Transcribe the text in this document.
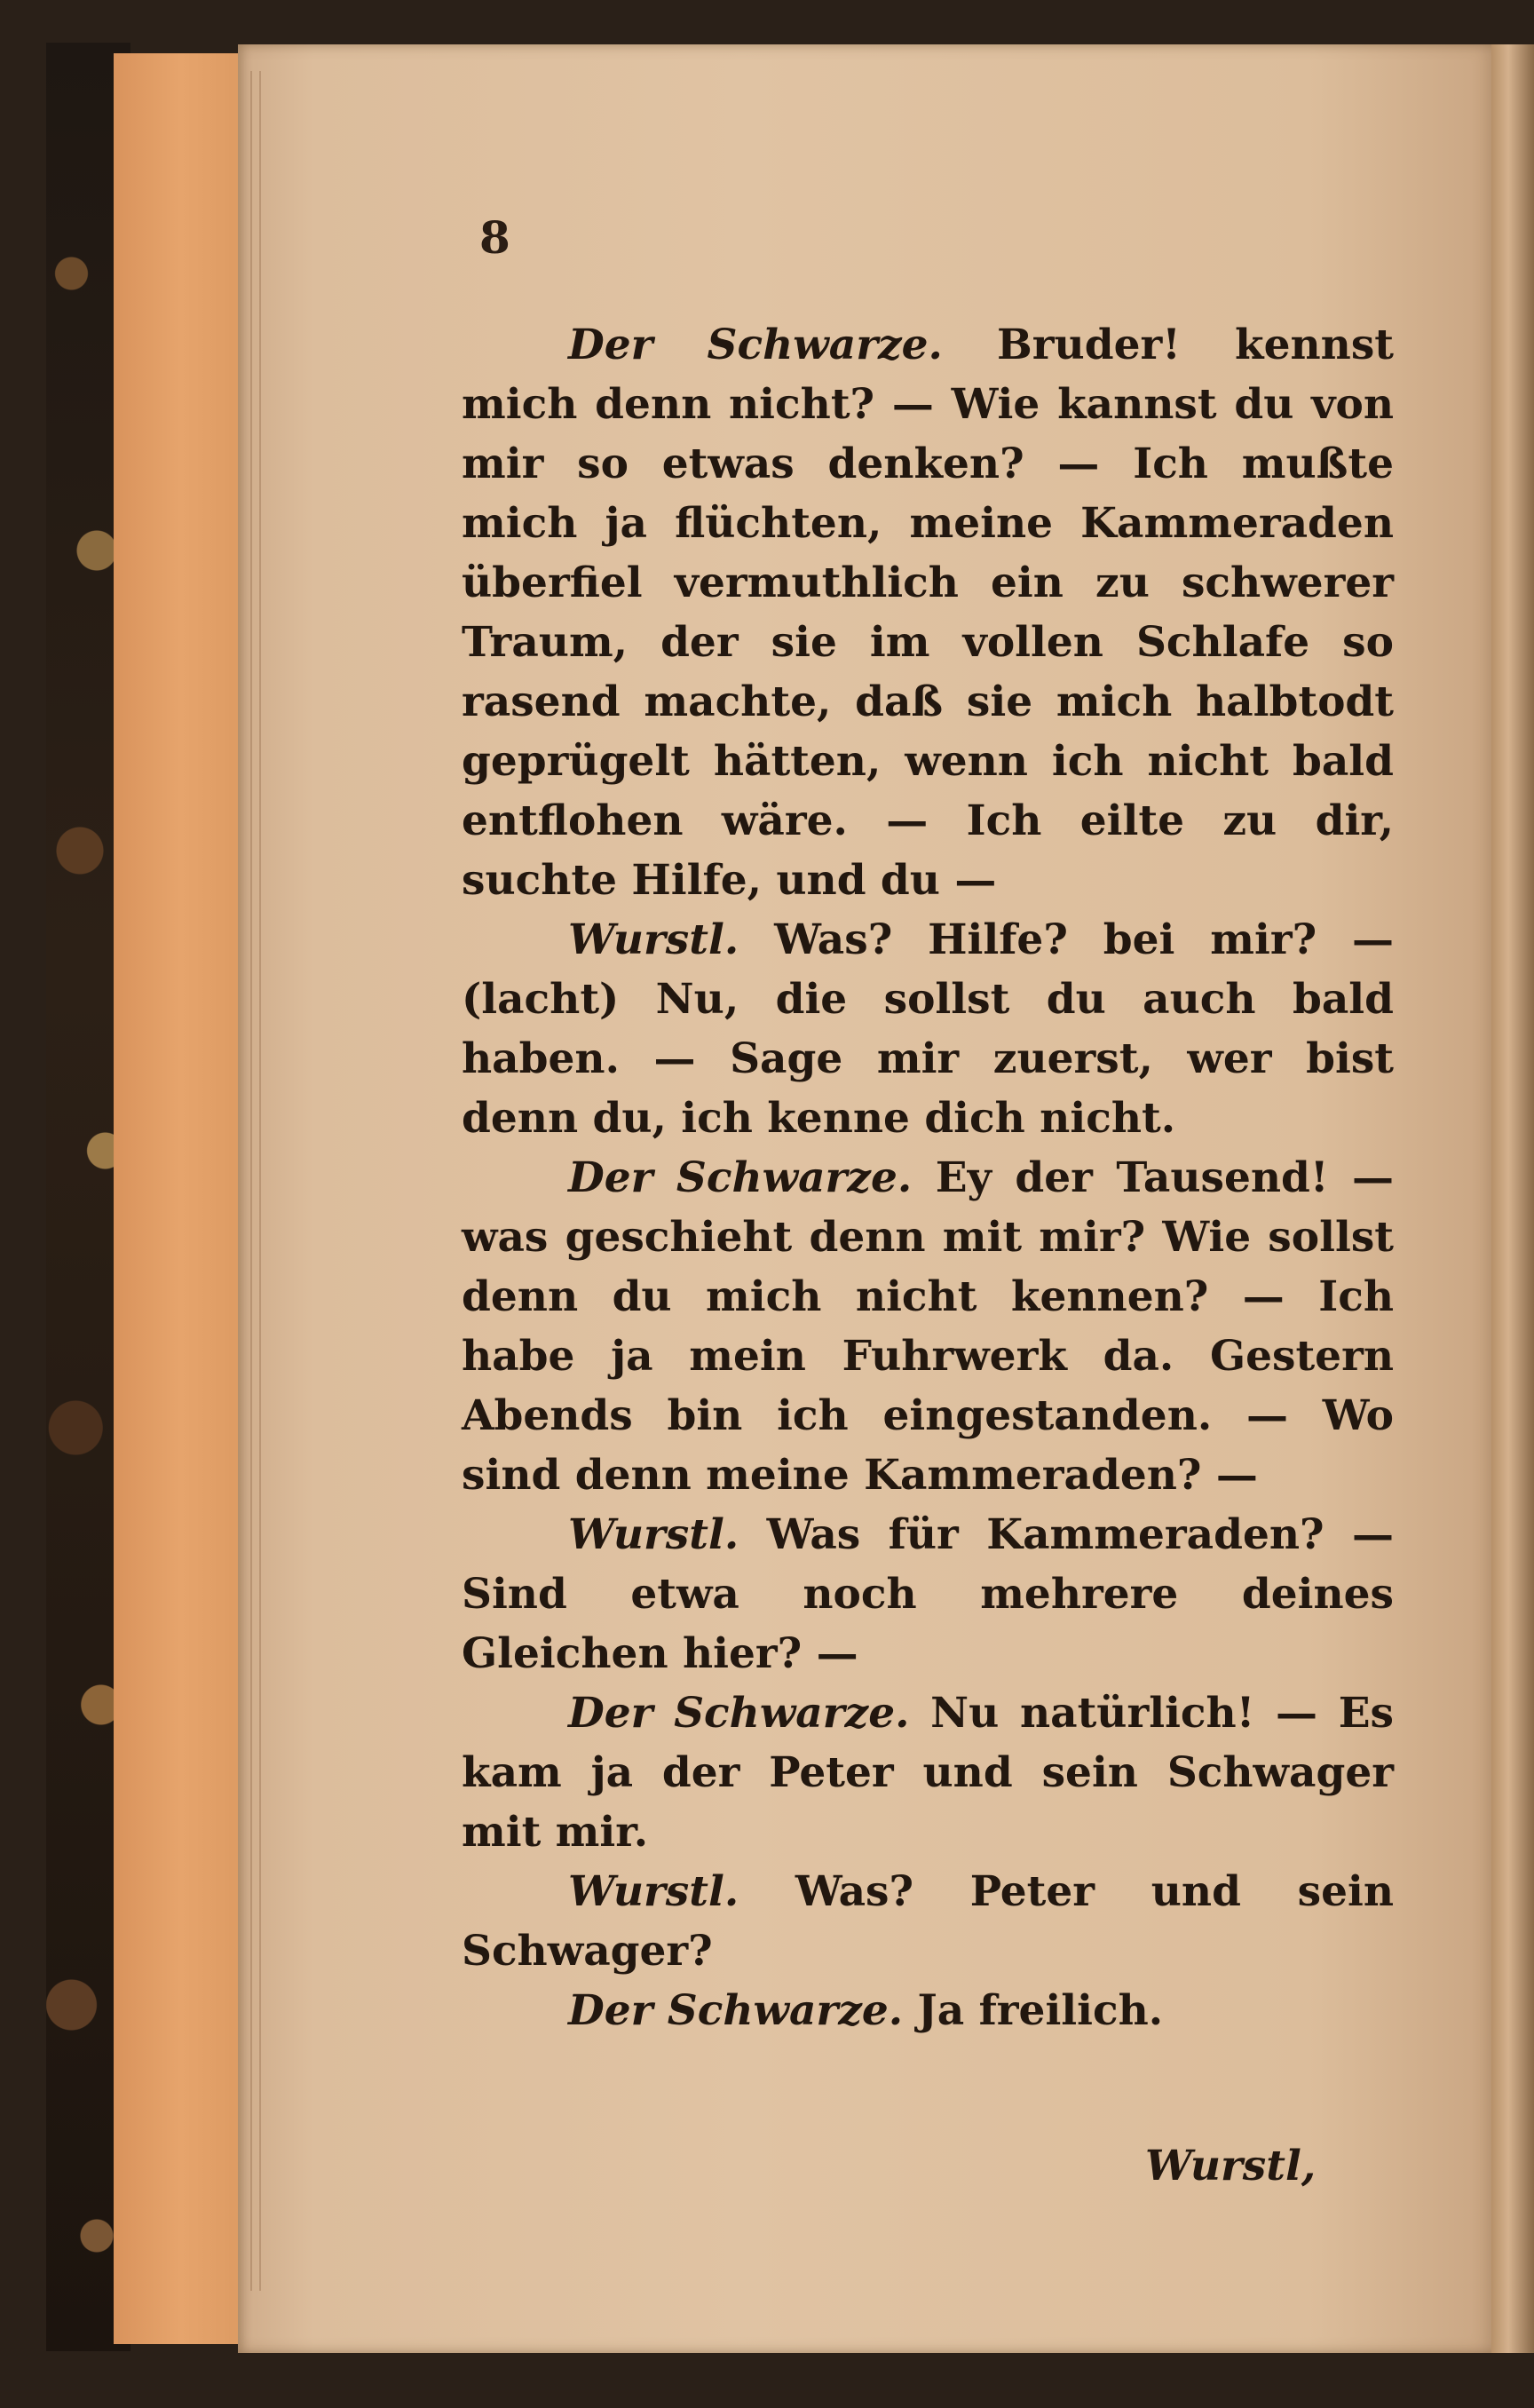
8

Der Schwarze. Bruder! kennst mich denn nicht? — Wie kannst du von mir so etwas denken? — Ich mußte mich ja flüchten, meine Kammeraden überfiel vermuthlich ein zu schwerer Traum, der sie im vollen Schlafe so rasend machte, daß sie mich halbtodt geprügelt hätten, wenn ich nicht bald entflohen wäre. — Ich eilte zu dir, suchte Hilfe, und du —

Wurstl. Was? Hilfe? bei mir? — (lacht) Nu, die sollst du auch bald haben. — Sage mir zuerst, wer bist denn du, ich kenne dich nicht.

Der Schwarze. Ey der Tausend! — was geschieht denn mit mir? Wie sollst denn du mich nicht kennen? — Ich habe ja mein Fuhrwerk da. Gestern Abends bin ich eingestanden. — Wo sind denn meine Kammeraden? —

Wurstl. Was für Kammeraden? — Sind etwa noch mehrere deines Gleichen hier? —

Der Schwarze. Nu natürlich! — Es kam ja der Peter und sein Schwager mit mir.

Wurstl. Was? Peter und sein Schwager?

Der Schwarze. Ja freilich.

Wurstl,
